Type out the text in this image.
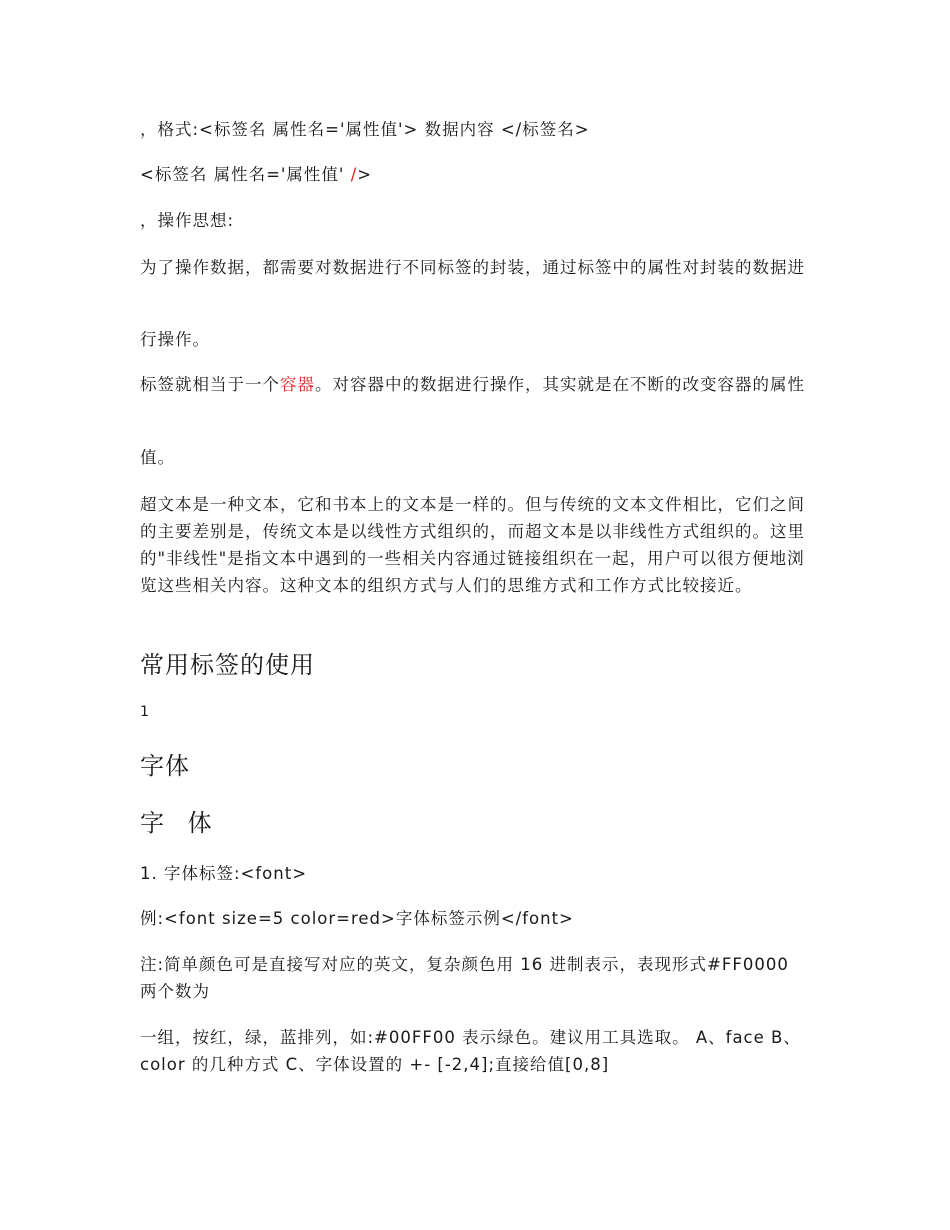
，格式:<标签名 属性名='属性值'> 数据内容 </标签名>

<标签名 属性名='属性值' />

，操作思想:

为了操作数据，都需要对数据进行不同标签的封装，通过标签中的属性对封装的数据进

行操作。

标签就相当于一个容器。对容器中的数据进行操作，其实就是在不断的改变容器的属性

值。

超文本是一种文本，它和书本上的文本是一样的。但与传统的文本文件相比，它们之间的主要差别是，传统文本是以线性方式组织的，而超文本是以非线性方式组织的。这里的"非线性"是指文本中遇到的一些相关内容通过链接组织在一起，用户可以很方便地浏览这些相关内容。这种文本的组织方式与人们的思维方式和工作方式比较接近。

常用标签的使用

1

字体

字 体

1. 字体标签:<font>

例:<font size=5 color=red>字体标签示例</font>

注:简单颜色可是直接写对应的英文，复杂颜色用 16 进制表示，表现形式#FF0000 两个数为

一组，按红，绿，蓝排列，如:#00FF00 表示绿色。建议用工具选取。 A、face B、color 的几种方式 C、字体设置的 +- [-2,4];直接给值[0,8]
